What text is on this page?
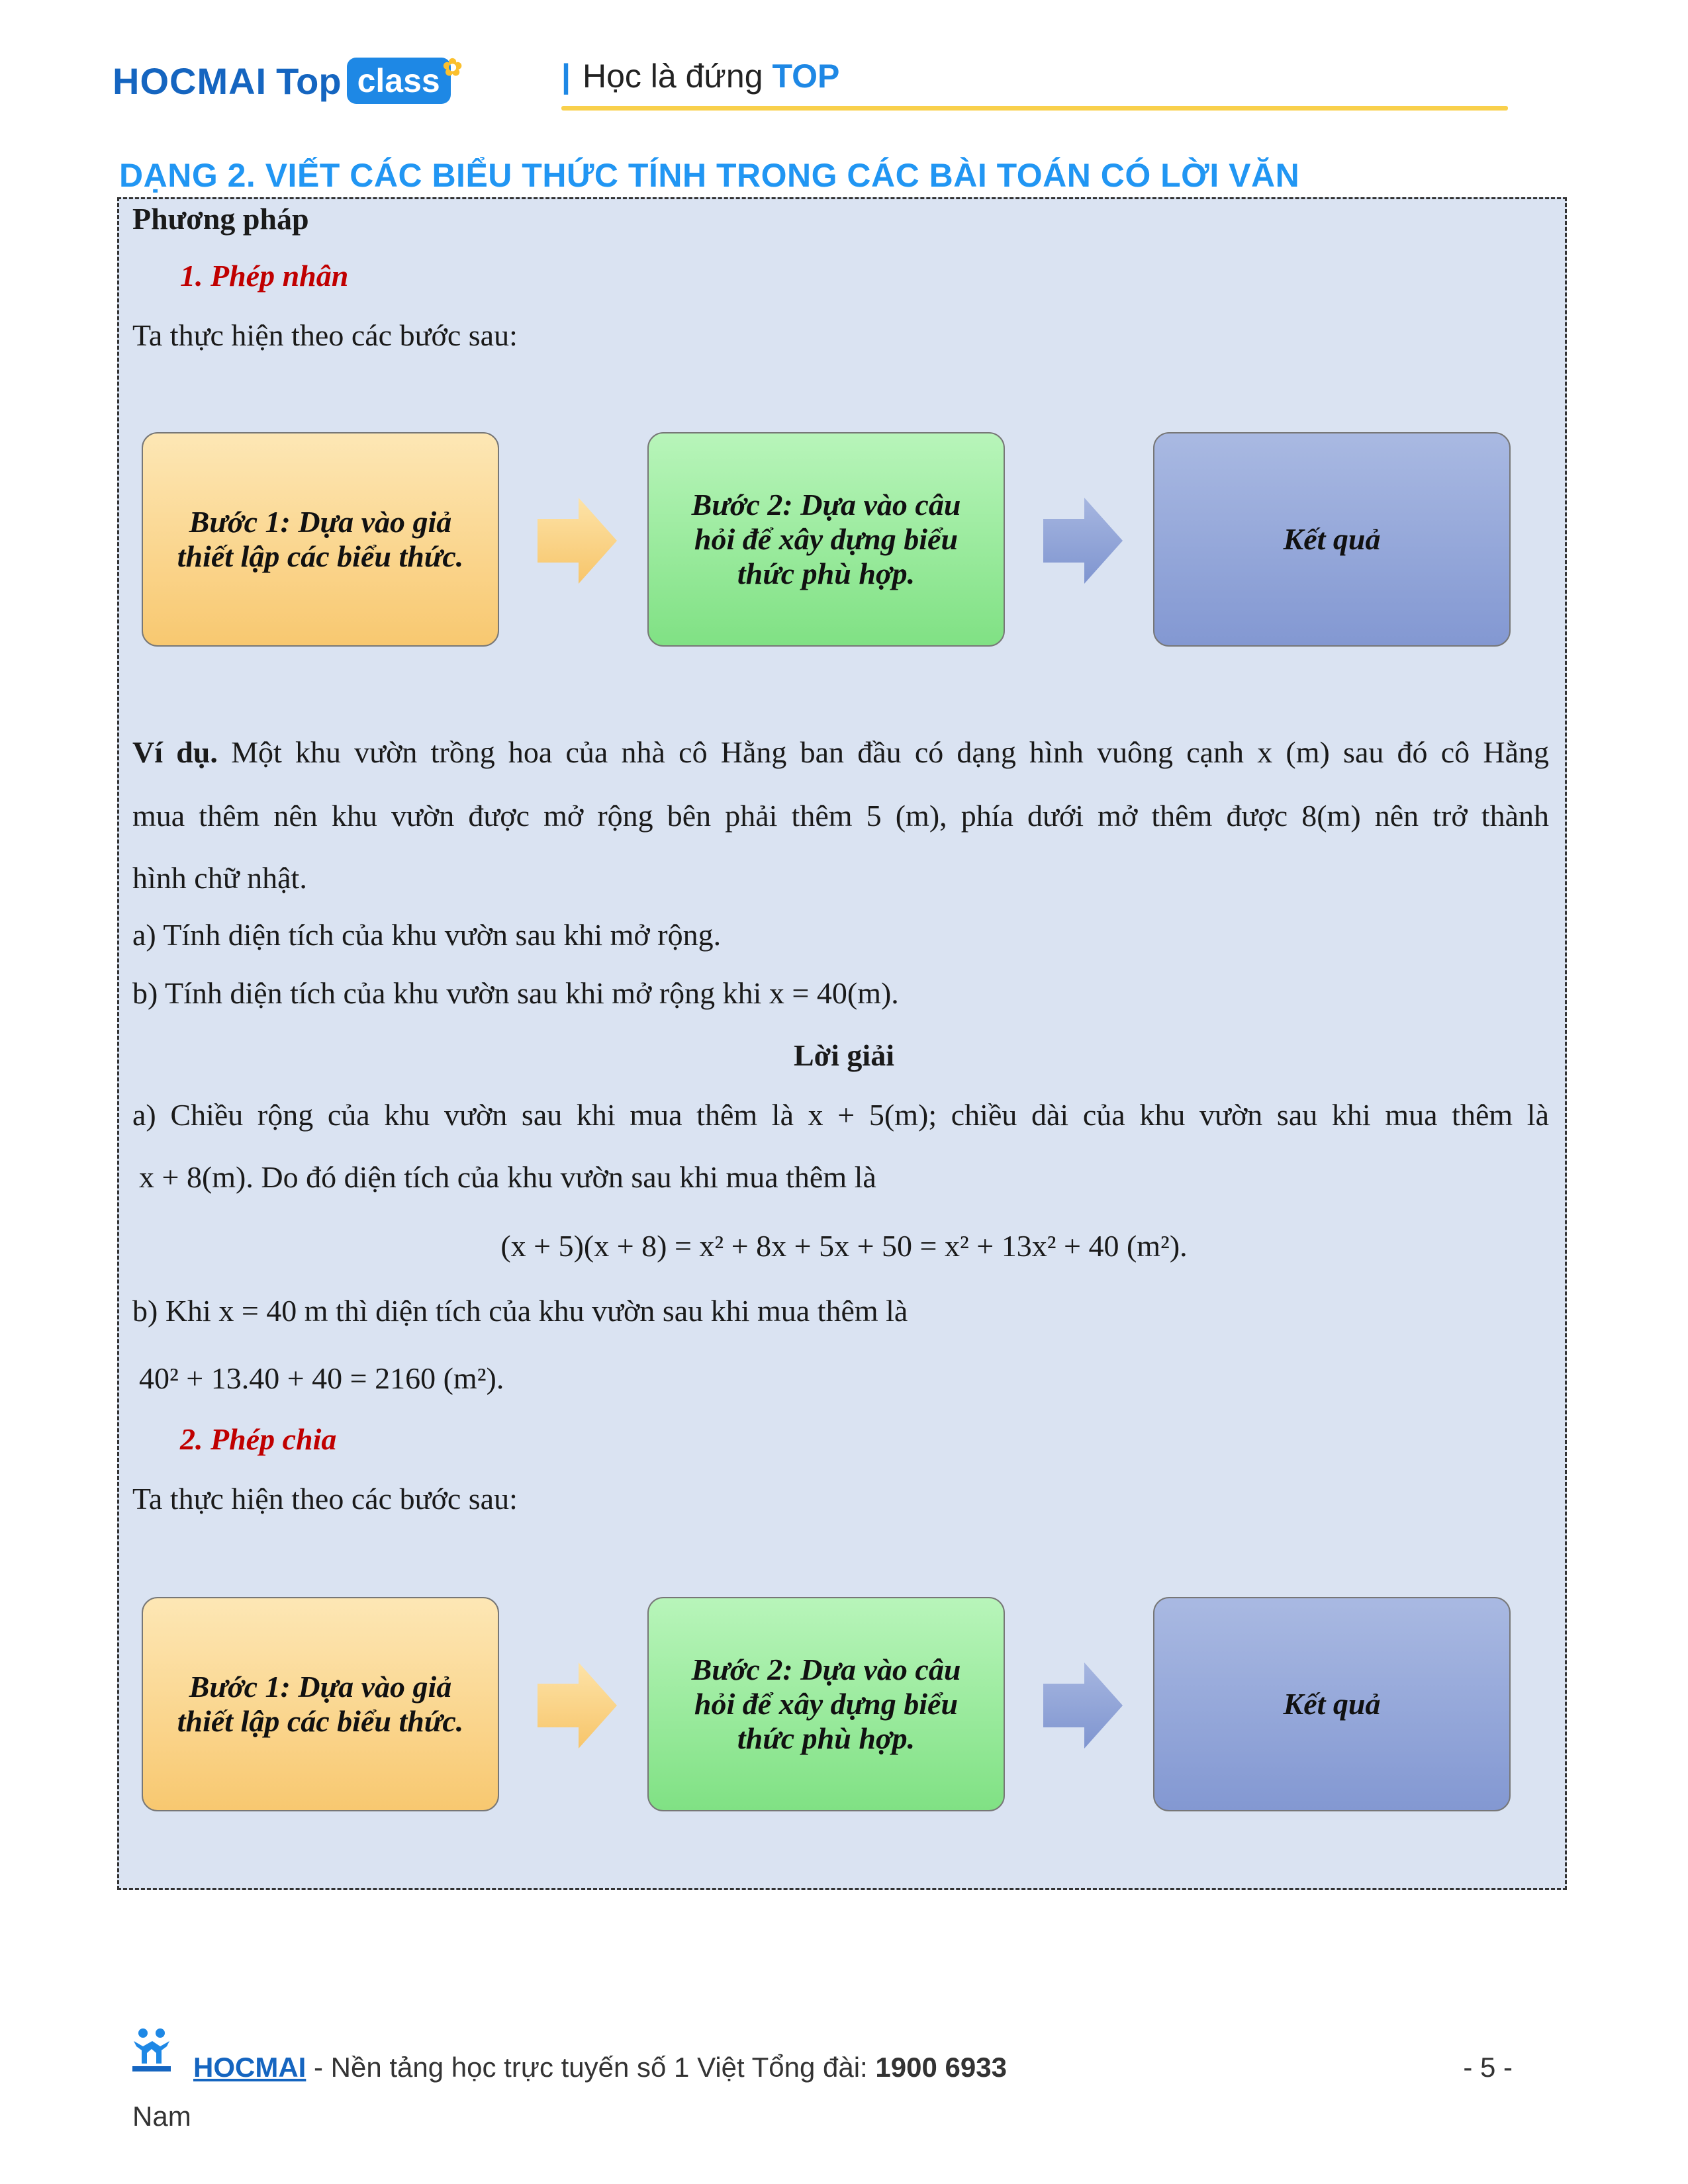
HOCMAI Top class ✿	| Học là đứng TOP
DẠNG 2. VIẾT CÁC BIỂU THỨC TÍNH TRONG CÁC BÀI TOÁN CÓ LỜI VĂN
Phương pháp
1. Phép nhân
Ta thực hiện theo các bước sau:
Bước 1: Dựa vào giả
thiết lập các biểu thức.
Bước 2: Dựa vào câu
hỏi để xây dựng biểu
thức phù hợp.
Kết quả
Ví dụ. Một khu vườn trồng hoa của nhà cô Hằng ban đầu có dạng hình vuông cạnh x (m) sau đó cô Hằng
mua thêm nên khu vườn được mở rộng bên phải thêm 5 (m), phía dưới mở thêm được 8(m) nên trở thành
hình chữ nhật.
a) Tính diện tích của khu vườn sau khi mở rộng.
b) Tính diện tích của khu vườn sau khi mở rộng khi x = 40(m).
Lời giải
a) Chiều rộng của khu vườn sau khi mua thêm là x + 5(m); chiều dài của khu vườn sau khi mua thêm là
x + 8(m). Do đó diện tích của khu vườn sau khi mua thêm là
(x + 5)(x + 8) = x² + 8x + 5x + 50 = x² + 13x² + 40 (m²).
b) Khi x = 40 m thì diện tích của khu vườn sau khi mua thêm là
40² + 13.40 + 40 = 2160 (m²).
2. Phép chia
Ta thực hiện theo các bước sau:
Bước 1: Dựa vào giả
thiết lập các biểu thức.
Bước 2: Dựa vào câu
hỏi để xây dựng biểu
thức phù hợp.
Kết quả
HOCMAI - Nền tảng học trực tuyến số 1 Việt Tổng đài: 1900 6933	- 5 -
Nam
